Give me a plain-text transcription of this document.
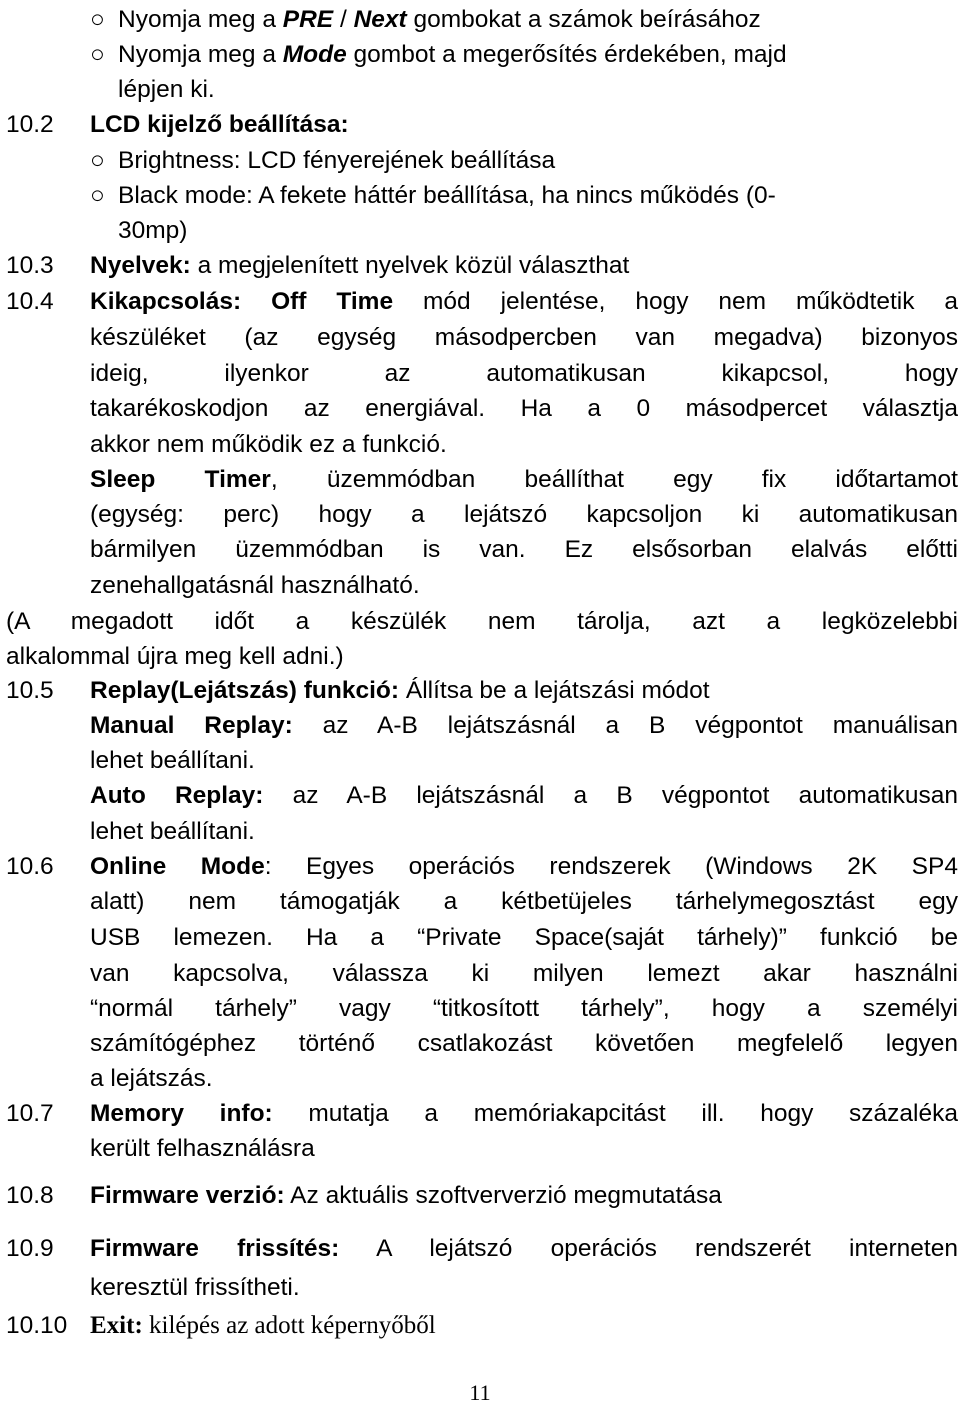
○ Nyomja meg a PRE / Next gombokat a számok beírásához
○ Nyomja meg a Mode gombot a megerősítés érdekében, majd
lépjen ki.
10.2 LCD kijelző beállítása:
○ Brightness: LCD fényerejének beállítása
○ Black mode: A fekete háttér beállítása, ha nincs működés (0-
30mp)
10.3 Nyelvek: a megjelenített nyelvek közül választhat
10.4 Kikapcsolás: Off Time mód jelentése, hogy nem működtetik a
készüléket (az egység másodpercben van megadva) bizonyos
ideig, ilyenkor az automatikusan kikapcsol, hogy
takarékoskodjon az energiával. Ha a 0 másodpercet választja
akkor nem működik ez a funkció.
Sleep Timer, üzemmódban beállíthat egy fix időtartamot
(egység: perc) hogy a lejátszó kapcsoljon ki automatikusan
bármilyen üzemmódban is van. Ez elsősorban elalvás előtti
zenehallgatásnál használható.
(A megadott időt a készülék nem tárolja, azt a legközelebbi
alkalommal újra meg kell adni.)
10.5 Replay(Lejátszás) funkció: Állítsa be a lejátszási módot
Manual Replay: az A-B lejátszásnál a B végpontot manuálisan
lehet beállítani.
Auto Replay: az A-B lejátszásnál a B végpontot automatikusan
lehet beállítani.
10.6 Online Mode: Egyes operációs rendszerek (Windows 2K SP4
alatt) nem támogatják a kétbetüjeles tárhelymegosztást egy
USB lemezen. Ha a “Private Space(saját tárhely)” funkció be
van kapcsolva, válassza ki milyen lemezt akar használni
“normál tárhely” vagy “titkosított tárhely”, hogy a személyi
számítógéphez történő csatlakozást követően megfelelő legyen
a lejátszás.
10.7 Memory info: mutatja a memóriakapcitást ill. hogy százaléka
került felhasználásra
10.8 Firmware verzió: Az aktuális szoftververzió megmutatása
10.9 Firmware frissítés: A lejátszó operációs rendszerét interneten
keresztül frissítheti.
10.10 Exit: kilépés az adott képernyőből
11
